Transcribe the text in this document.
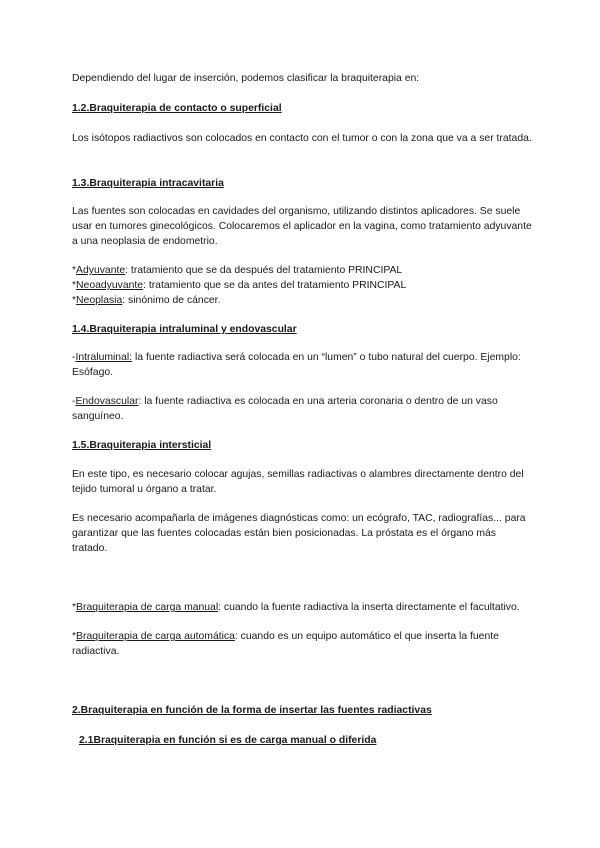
Dependiendo del lugar de inserción, podemos clasificar la braquiterapia en:

1.2.Braquiterapia de contacto o superficial

Los isótopos radiactivos son colocados en contacto con el tumor o con la zona que va a ser tratada.

1.3.Braquiterapia intracavitaria

Las fuentes son colocadas en cavidades del organismo, utilizando distintos aplicadores. Se suele usar en tumores ginecológicos. Colocaremos el aplicador en la vagina, como tratamiento adyuvante a una neoplasia de endometrio.

*Adyuvante: tratamiento que se da después del tratamiento PRINCIPAL

*Neoadyuvante: tratamiento que se da antes del tratamiento PRINCIPAL

*Neoplasia: sinónimo de cáncer.

1.4.Braquiterapia intraluminal y endovascular

-Intraluminal: la fuente radiactiva será colocada en un “lumen” o tubo natural del cuerpo. Ejemplo: Esófago.

-Endovascular: la fuente radiactiva es colocada en una arteria coronaria o dentro de un vaso sanguíneo.

1.5.Braquiterapia intersticial

En este tipo, es necesario colocar agujas, semillas radiactivas o alambres directamente dentro del tejido tumoral u órgano a tratar.

Es necesario acompañarla de imágenes diagnósticas como: un ecógrafo, TAC, radiografías... para garantizar que las fuentes colocadas están bien posicionadas. La próstata es el órgano más tratado.

*Braquiterapia de carga manual: cuando la fuente radiactiva la inserta directamente el facultativo.

*Braquiterapia de carga automática: cuando es un equipo automático el que inserta la fuente radiactiva.

2.Braquiterapia en función de la forma de insertar las fuentes radiactivas

2.1Braquiterapia en función si es de carga manual o diferida
